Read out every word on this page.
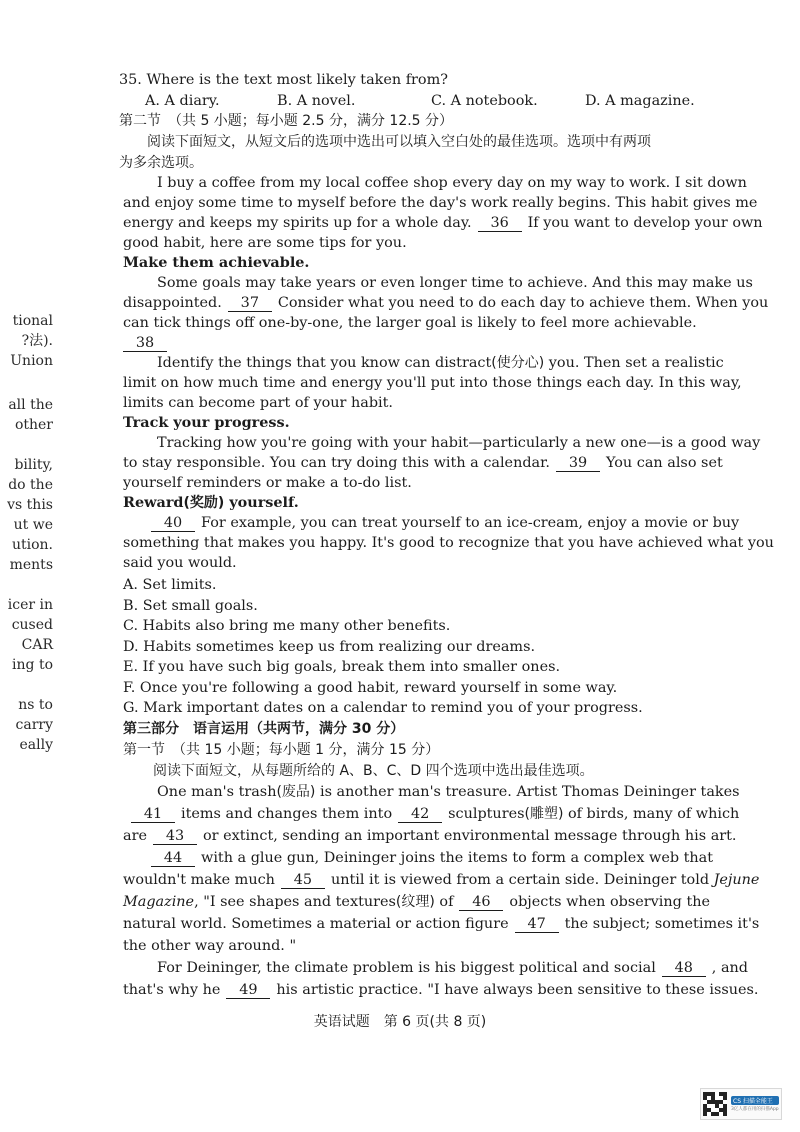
tional
?法).
Union
all the
other
bility,
do the
vs this
ut we
ution.
ments
icer in
cused
CAR
ing to
ns to
carry
eally
35. Where is the text most likely taken from?
A. A diary.	B. A novel.	C. A notebook.	D. A magazine.
第二节　（共 5 小题；每小题 2.5 分，满分 12.5 分）
阅读下面短文，从短文后的选项中选出可以填入空白处的最佳选项。选项中有两项
为多余选项。
I buy a coffee from my local coffee shop every day on my way to work. I sit down
and enjoy some time to myself before the day's work really begins. This habit gives me
energy and keeps my spirits up for a whole day. 36 If you want to develop your own
good habit, here are some tips for you.
Make them achievable.
Some goals may take years or even longer time to achieve. And this may make us
disappointed. 37 Consider what you need to do each day to achieve them. When you
can tick things off one-by-one, the larger goal is likely to feel more achievable.
38
Identify the things that you know can distract(使分心) you. Then set a realistic
limit on how much time and energy you'll put into those things each day. In this way,
limits can become part of your habit.
Track your progress.
Tracking how you're going with your habit—particularly a new one—is a good way
to stay responsible. You can try doing this with a calendar. 39 You can also set
yourself reminders or make a to-do list.
Reward(奖励) yourself.
40 For example, you can treat yourself to an ice-cream, enjoy a movie or buy
something that makes you happy. It's good to recognize that you have achieved what you
said you would.
A. Set limits.
B. Set small goals.
C. Habits also bring me many other benefits.
D. Habits sometimes keep us from realizing our dreams.
E. If you have such big goals, break them into smaller ones.
F. Once you're following a good habit, reward yourself in some way.
G. Mark important dates on a calendar to remind you of your progress.
第三部分　语言运用（共两节，满分 30 分）
第一节　（共 15 小题；每小题 1 分，满分 15 分）
阅读下面短文，从每题所给的 A、B、C、D 四个选项中选出最佳选项。
One man's trash(废品) is another man's treasure. Artist Thomas Deininger takes
41 items and changes them into 42 sculptures(雕塑) of birds, many of which
are 43 or extinct, sending an important environmental message through his art.
44 with a glue gun, Deininger joins the items to form a complex web that
wouldn't make much 45 until it is viewed from a certain side. Deininger told Jejune
Magazine, "I see shapes and textures(纹理) of 46 objects when observing the
natural world. Sometimes a material or action figure 47 the subject; sometimes it's
the other way around. "
For Deininger, the climate problem is his biggest political and social 48 , and
that's why he 49 his artistic practice. "I have always been sensitive to these issues.
英语试题　第 6 页(共 8 页)
CS 扫描全能王
3亿人都在用的扫描App
